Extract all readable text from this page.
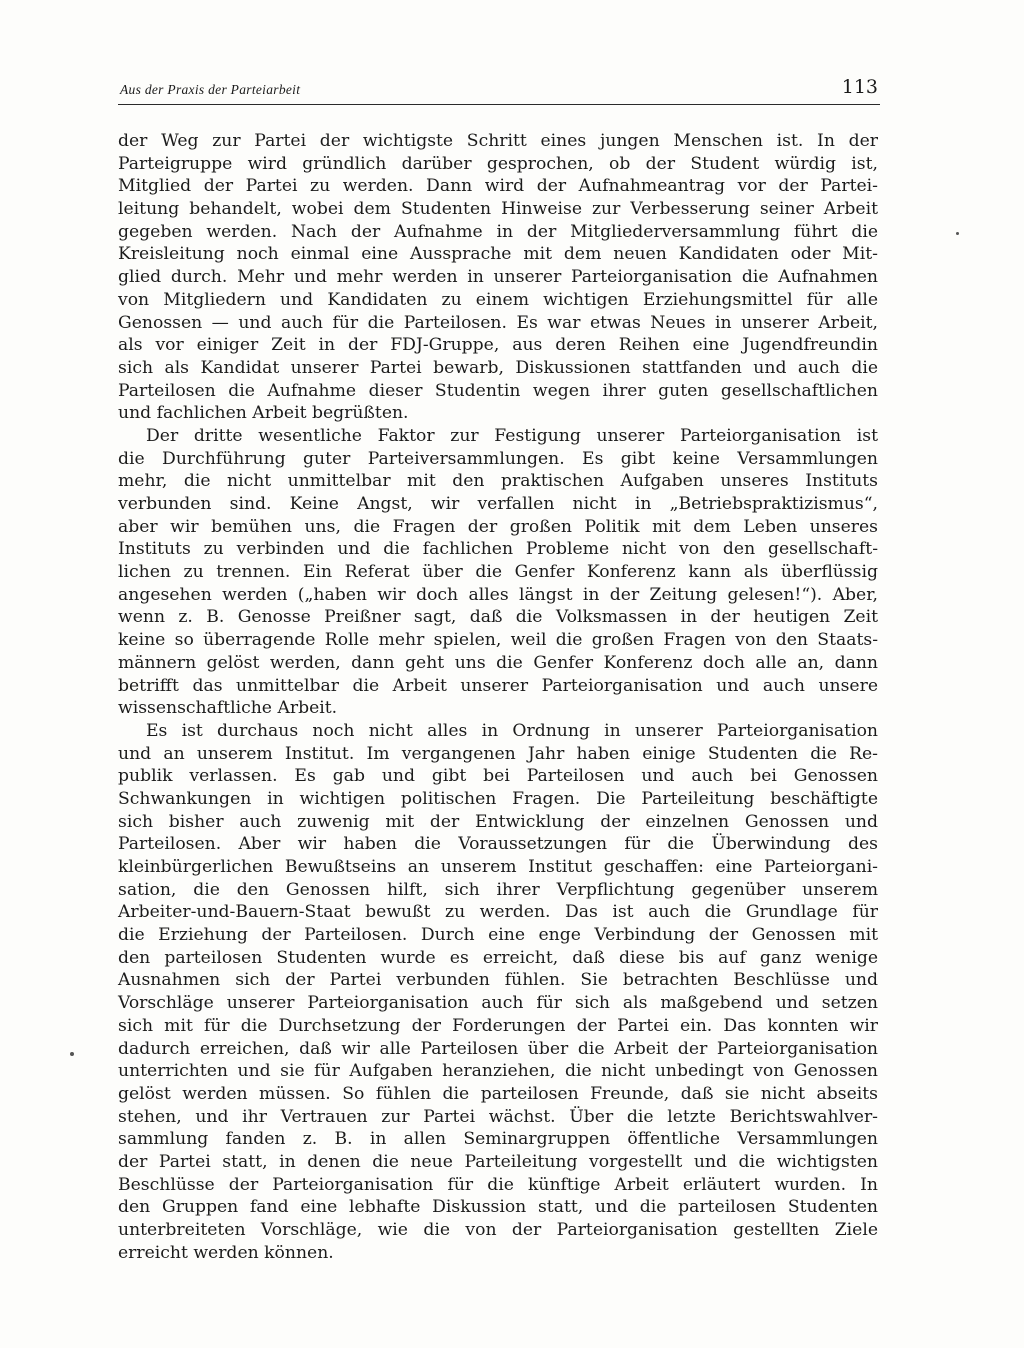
Aus der Praxis der Parteiarbeit	113
der Weg zur Partei der wichtigste Schritt eines jungen Menschen ist. In der
Parteigruppe wird gründlich darüber gesprochen, ob der Student würdig ist,
Mitglied der Partei zu werden. Dann wird der Aufnahmeantrag vor der Partei-
leitung behandelt, wobei dem Studenten Hinweise zur Verbesserung seiner Arbeit
gegeben werden. Nach der Aufnahme in der Mitgliederversammlung führt die
Kreisleitung noch einmal eine Aussprache mit dem neuen Kandidaten oder Mit-
glied durch. Mehr und mehr werden in unserer Parteiorganisation die Aufnahmen
von Mitgliedern und Kandidaten zu einem wichtigen Erziehungsmittel für alle
Genossen — und auch für die Parteilosen. Es war etwas Neues in unserer Arbeit,
als vor einiger Zeit in der FDJ-Gruppe, aus deren Reihen eine Jugendfreundin
sich als Kandidat unserer Partei bewarb, Diskussionen stattfanden und auch die
Parteilosen die Aufnahme dieser Studentin wegen ihrer guten gesellschaftlichen
und fachlichen Arbeit begrüßten.
Der dritte wesentliche Faktor zur Festigung unserer Parteiorganisation ist
die Durchführung guter Parteiversammlungen. Es gibt keine Versammlungen
mehr, die nicht unmittelbar mit den praktischen Aufgaben unseres Instituts
verbunden sind. Keine Angst, wir verfallen nicht in „Betriebspraktizismus“,
aber wir bemühen uns, die Fragen der großen Politik mit dem Leben unseres
Instituts zu verbinden und die fachlichen Probleme nicht von den gesellschaft-
lichen zu trennen. Ein Referat über die Genfer Konferenz kann als überflüssig
angesehen werden („haben wir doch alles längst in der Zeitung gelesen!“). Aber,
wenn z. B. Genosse Preißner sagt, daß die Volksmassen in der heutigen Zeit
keine so überragende Rolle mehr spielen, weil die großen Fragen von den Staats-
männern gelöst werden, dann geht uns die Genfer Konferenz doch alle an, dann
betrifft das unmittelbar die Arbeit unserer Parteiorganisation und auch unsere
wissenschaftliche Arbeit.
Es ist durchaus noch nicht alles in Ordnung in unserer Parteiorganisation
und an unserem Institut. Im vergangenen Jahr haben einige Studenten die Re-
publik verlassen. Es gab und gibt bei Parteilosen und auch bei Genossen
Schwankungen in wichtigen politischen Fragen. Die Parteileitung beschäftigte
sich bisher auch zuwenig mit der Entwicklung der einzelnen Genossen und
Parteilosen. Aber wir haben die Voraussetzungen für die Überwindung des
kleinbürgerlichen Bewußtseins an unserem Institut geschaffen: eine Parteiorgani-
sation, die den Genossen hilft, sich ihrer Verpflichtung gegenüber unserem
Arbeiter-und-Bauern-Staat bewußt zu werden. Das ist auch die Grundlage für
die Erziehung der Parteilosen. Durch eine enge Verbindung der Genossen mit
den parteilosen Studenten wurde es erreicht, daß diese bis auf ganz wenige
Ausnahmen sich der Partei verbunden fühlen. Sie betrachten Beschlüsse und
Vorschläge unserer Parteiorganisation auch für sich als maßgebend und setzen
sich mit für die Durchsetzung der Forderungen der Partei ein. Das konnten wir
dadurch erreichen, daß wir alle Parteilosen über die Arbeit der Parteiorganisation
unterrichten und sie für Aufgaben heranziehen, die nicht unbedingt von Genossen
gelöst werden müssen. So fühlen die parteilosen Freunde, daß sie nicht abseits
stehen, und ihr Vertrauen zur Partei wächst. Über die letzte Berichtswahlver-
sammlung fanden z. B. in allen Seminargruppen öffentliche Versammlungen
der Partei statt, in denen die neue Parteileitung vorgestellt und die wichtigsten
Beschlüsse der Parteiorganisation für die künftige Arbeit erläutert wurden. In
den Gruppen fand eine lebhafte Diskussion statt, und die parteilosen Studenten
unterbreiteten Vorschläge, wie die von der Parteiorganisation gestellten Ziele
erreicht werden können.
